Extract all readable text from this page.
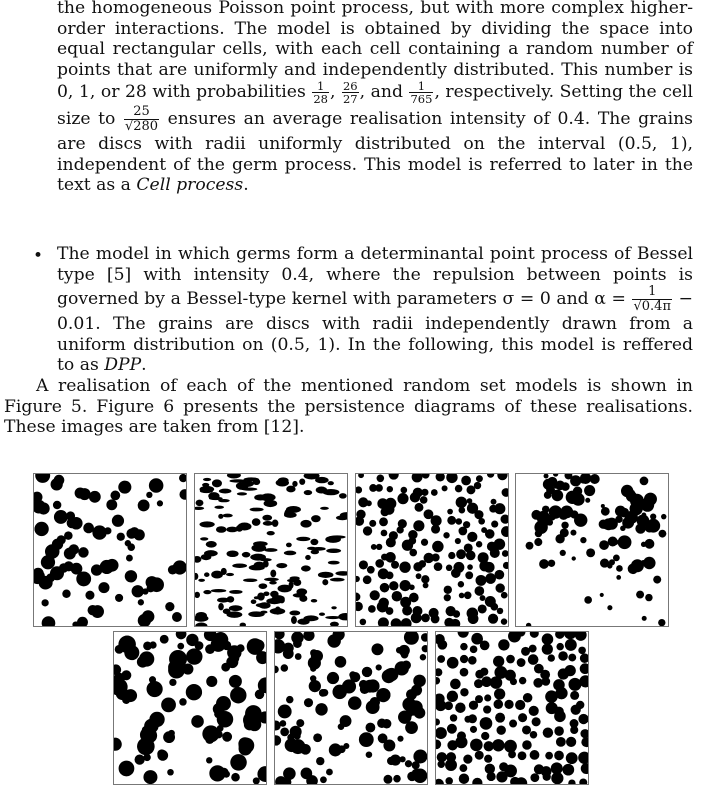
the homogeneous Poisson point process, but with more complex higher-order interactions. The model is obtained by dividing the space into equal rectangular cells, with each cell containing a random number of points that are uniformly and independently distributed. This number is 0, 1, or 28 with probabilities $\frac{1}{28}$ , $\frac{26}{27}$ , and $\frac{1}{765}$ , respectively. Setting the cell size to $\frac{25}{√280}$ ensures an average realisation intensity of 0.4. The grains are discs with radii uniformly distributed on the interval (0.5, 1), independent of the germ process. This model is referred to later in the text as a Cell process.
• The model in which germs form a determinantal point process of Bessel type [5] with intensity 0.4, where the repulsion between points is governed by a Bessel-type kernel with parameters σ = 0 and $\alpha = \frac{1}{√0.4\pi} - 0.01$. The grains are discs with radii independently drawn from a uniform distribution on (0.5, 1). In the following, this model is reffered to as DPP.
A realisation of each of the mentioned random set models is shown in Figure 5. Figure 6 presents the persistence diagrams of these realisations. These images are taken from [12].
